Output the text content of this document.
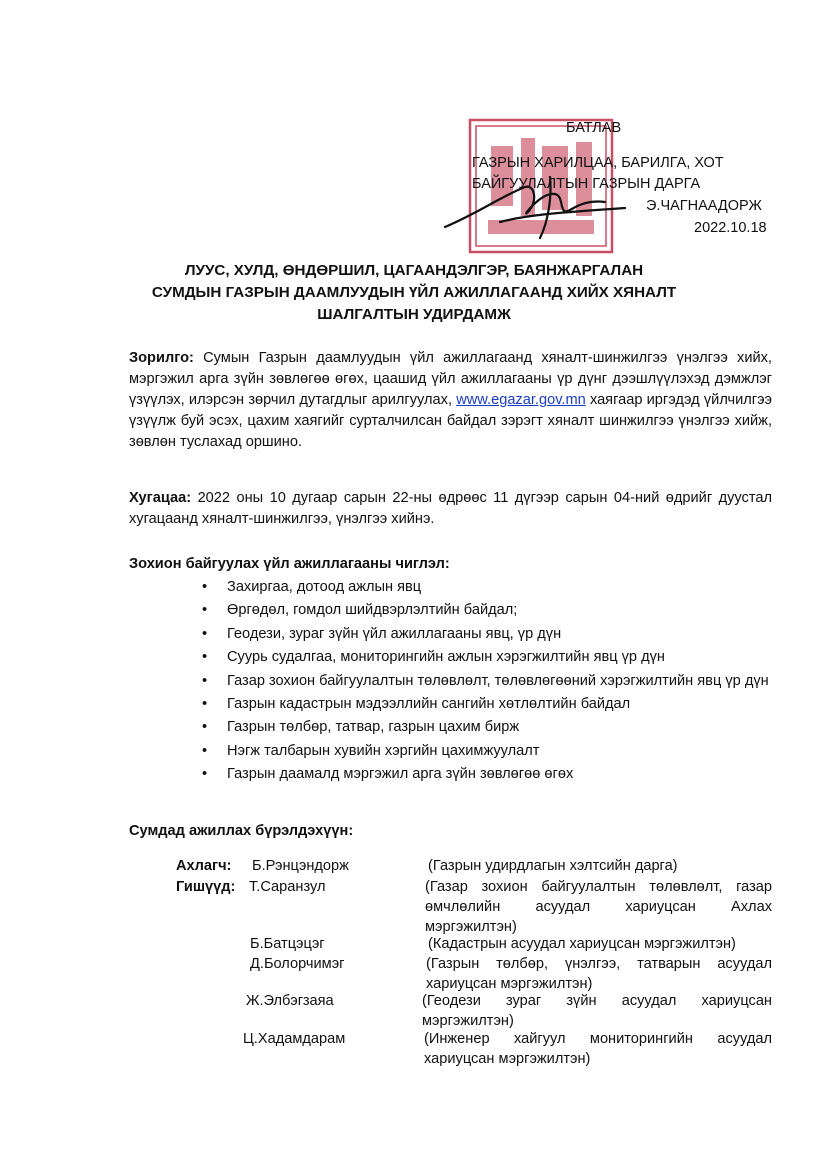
БАТЛАВ
ГАЗРЫН ХАРИЛЦАА, БАРИЛГА, ХОТ
БАЙГУУЛАЛТЫН ГАЗРЫН ДАРГА
Э.ЧАГНААДОРЖ
2022.10.18
ЛУУС, ХУЛД, ӨНДӨРШИЛ, ЦАГААНДЭЛГЭР, БАЯНЖАРГАЛАН
СУМДЫН ГАЗРЫН ДААМЛУУДЫН ҮЙЛ АЖИЛЛАГААНД ХИЙХ ХЯНАЛТ
ШАЛГАЛТЫН УДИРДАМЖ
Зорилго: Сумын Газрын даамлуудын үйл ажиллагаанд хяналт-шинжилгээ үнэлгээ хийх, мэргэжил арга зүйн зөвлөгөө өгөх, цаашид үйл ажиллагааны үр дүнг дээшлүүлэхэд дэмжлэг үзүүлэх, илэрсэн зөрчил дутагдлыг арилгуулах, www.egazar.gov.mn хаягаар иргэдэд үйлчилгээ үзүүлж буй эсэх, цахим хаягийг сурталчилсан байдал зэрэгт хяналт шинжилгээ үнэлгээ хийж, зөвлөн туслахад оршино.
Хугацаа: 2022 оны 10 дугаар сарын 22-ны өдрөөс 11 дүгээр сарын 04-ний өдрийг дуустал хугацаанд хяналт-шинжилгээ, үнэлгээ хийнэ.
Зохион байгуулах үйл ажиллагааны чиглэл:
• Захиргаа, дотоод ажлын явц
• Өргөдөл, гомдол шийдвэрлэлтийн байдал;
• Геодези, зураг зүйн үйл ажиллагааны явц, үр дүн
• Суурь судалгаа, мониторингийн ажлын хэрэгжилтийн явц үр дүн
• Газар зохион байгуулалтын төлөвлөлт, төлөвлөгөөний хэрэгжилтийн явц үр дүн
• Газрын кадастрын мэдээллийн сангийн хөтлөлтийн байдал
• Газрын төлбөр, татвар, газрын цахим бирж
• Нэгж талбарын хувийн хэргийн цахимжуулалт
• Газрын даамалд мэргэжил арга зүйн зөвлөгөө өгөх
Сумдад ажиллах бүрэлдэхүүн:
Ахлагч: Б.Рэнцэндорж	(Газрын удирдлагын хэлтсийн дарга)
Гишүүд: Т.Саранзул	(Газар зохион байгуулалтын төлөвлөлт, газар өмчлөлийн асуудал хариуцсан Ахлах мэргэжилтэн)
Б.Батцэцэг	(Кадастрын асуудал хариуцсан мэргэжилтэн)
Д.Болорчимэг	(Газрын төлбөр, үнэлгээ, татварын асуудал хариуцсан мэргэжилтэн)
Ж.Элбэгзаяа	(Геодези зураг зүйн асуудал хариуцсан мэргэжилтэн)
Ц.Хадамдарам	(Инженер хайгуул мониторингийн асуудал хариуцсан мэргэжилтэн)
